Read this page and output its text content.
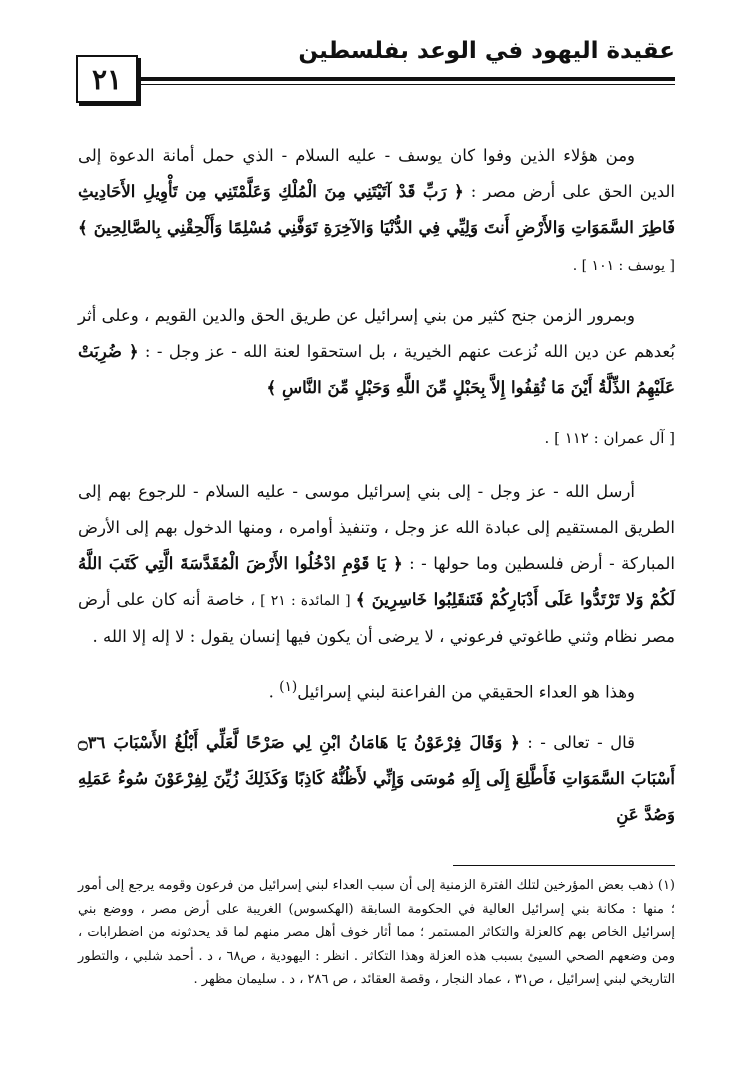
٢١
عقيدة اليهود في الوعد بفلسطين

ومن هؤلاء الذين وفوا كان يوسف - عليه السلام - الذي حمل أمانة الدعوة إلى الدين الحق على أرض مصر : ﴿ رَبِّ قَدْ آتَيْتَنِي مِنَ الْمُلْكِ وَعَلَّمْتَنِي مِن تَأْوِيلِ الأَحَادِيثِ فَاطِرَ السَّمَوَاتِ وَالأَرْضِ أَنتَ وَلِيِّي فِي الدُّنْيَا وَالآخِرَةِ تَوَفَّنِي مُسْلِمًا وَأَلْحِقْنِي بِالصَّالِحِينَ ﴾ [ يوسف : ١٠١ ] .

وبمرور الزمن جنح كثير من بني إسرائيل عن طريق الحق والدين القويم ، وعلى أثر بُعدهم عن دين الله نُزعت عنهم الخيرية ، بل استحقوا لعنة الله - عز وجل - : ﴿ ضُرِبَتْ عَلَيْهِمُ الذِّلَّةُ أَيْنَ مَا ثُقِفُوا إِلاَّ بِحَبْلٍ مِّنَ اللَّهِ وَحَبْلٍ مِّنَ النَّاسِ ﴾

[ آل عمران : ١١٢ ] .

أرسل الله - عز وجل - إلى بني إسرائيل موسى - عليه السلام - للرجوع بهم إلى الطريق المستقيم إلى عبادة الله عز وجل ، وتنفيذ أوامره ، ومنها الدخول بهم إلى الأرض المباركة - أرض فلسطين وما حولها - : ﴿ يَا قَوْمِ ادْخُلُوا الأَرْضَ الْمُقَدَّسَةَ الَّتِي كَتَبَ اللَّهُ لَكُمْ وَلا تَرْتَدُّوا عَلَى أَدْبَارِكُمْ فَتَنقَلِبُوا خَاسِرِينَ ﴾ [ المائدة : ٢١ ] ، خاصة أنه كان على أرض مصر نظام وثني طاغوتي فرعوني ، لا يرضى أن يكون فيها إنسان يقول : لا إله إلا الله .

وهذا هو العداء الحقيقي من الفراعنة لبني إسرائيل$^{(١)}$ .

قال - تعالى - : ﴿ وَقَالَ فِرْعَوْنُ يَا هَامَانُ ابْنِ لِي صَرْحًا لَّعَلِّي أَبْلُغُ الأَسْبَابَ ۝٣٦ أَسْبَابَ السَّمَوَاتِ فَأَطَّلِعَ إِلَى إِلَهِ مُوسَى وَإِنِّي لأَظُنُّهُ كَاذِبًا وَكَذَلِكَ زُيِّنَ لِفِرْعَوْنَ سُوءُ عَمَلِهِ وَصُدَّ عَنِ

(١) ذهب بعض المؤرخين لتلك الفترة الزمنية إلى أن سبب العداء لبني إسرائيل من فرعون وقومه يرجع إلى أمور ؛ منها : مكانة بني إسرائيل العالية في الحكومة السابقة (الهكسوس) الغريبة على أرض مصر ، ووضع بني إسرائيل الخاص بهم كالعزلة والتكاثر المستمر ؛ مما أثار خوف أهل مصر منهم لما قد يحدثونه من اضطرابات ، ومن وضعهم الصحي السيئ بسبب هذه العزلة وهذا التكاثر . انظر : اليهودية ، ص٦٨ ، د . أحمد شلبي ، والتطور التاريخي لبني إسرائيل ، ص٣١ ، عماد النجار ، وقصة العقائد ، ص ٢٨٦ ، د . سليمان مظهر .
